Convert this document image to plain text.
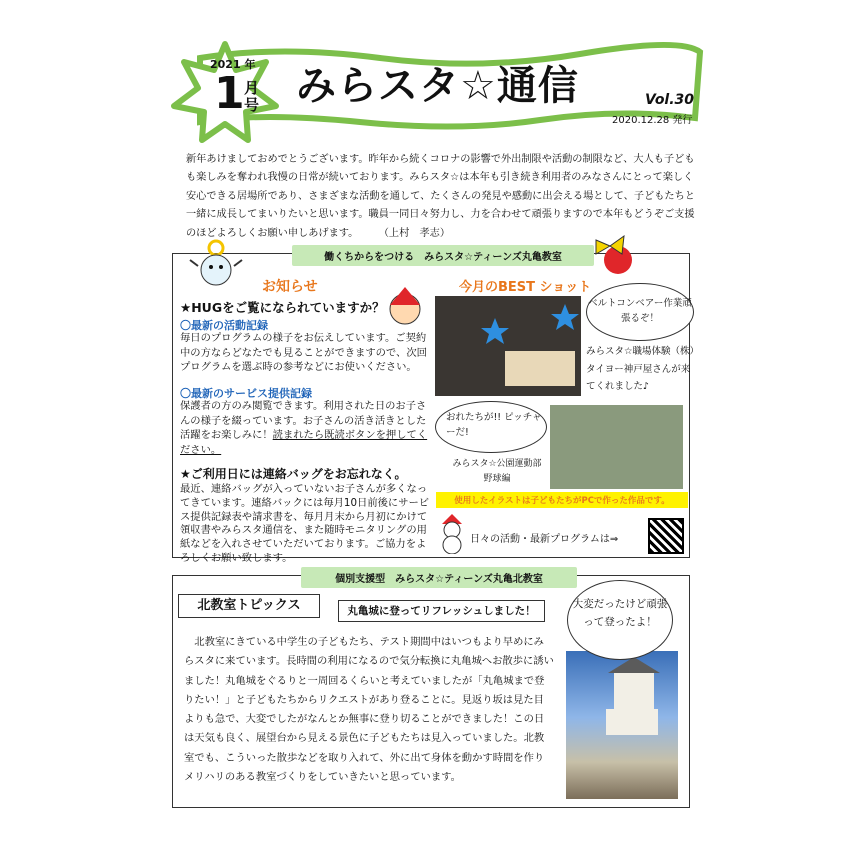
2021 年
1 月号 みらスタ☆通信	Vol.30
2020.12.28 発行
新年あけましておめでとうございます。昨年から続くコロナの影響で外出制限や活動の制限など、大人も子どもも楽しみを奪われ我慢の日常が続いております。みらスタ☆は本年も引き続き利用者のみなさんにとって楽しく安心できる居場所であり、さまざまな活動を通して、たくさんの発見や感動に出会える場として、子どもたちと一緒に成長してまいりたいと思います。職員一同日々努力し、力を合わせて頑張りますので本年もどうぞご支援のほどよろしくお願い申しあげます。　　　（上村　孝志）
働くちからをつける　みらスタ☆ティーンズ丸亀教室
お知らせ
★HUGをご覧になられていますか？
〇最新の活動記録
毎日のプログラムの様子をお伝えしています。ご契約中の方ならどなたでも見ることができますので、次回プログラムを選ぶ時の参考などにお使いください。
〇最新のサービス提供記録
保護者の方のみ閲覧できます。利用された日のお子さんの様子を綴っています。お子さんの活き活きとした活躍をお楽しみに！読まれたら既読ボタンを押してください。
★ご利用日には連絡バッグをお忘れなく。
最近、連絡バッグが入っていないお子さんが多くなってきています。連絡バックには毎月10日前後にサービス提供記録表や請求書を、毎月月末から月初にかけて領収書やみらスタ通信を、また随時モニタリングの用紙などを入れさせていただいております。ご協力をよろしくお願い致します。
今月のBEST ショット
ベルトコンベアー作業頑張るぞ！
みらスタ☆職場体験（株）タイヨー神戸屋さんが来てくれました♪
おれたちが!! ピッチャーだ!
みらスタ☆公園運動部 野球編
使用したイラストは子どもたちがPCで作った作品です。
日々の活動・最新プログラムは⇒
個別支援型　みらスタ☆ティーンズ丸亀北教室
北教室トピックス	丸亀城に登ってリフレッシュしました！
　北教室にきている中学生の子どもたち、テスト期間中はいつもより早めにみらスタに来ています。長時間の利用になるので気分転換に丸亀城へお散歩に誘いました！丸亀城をぐるりと一周回るくらいと考えていましたが「丸亀城まで登りたい！」と子どもたちからリクエストがあり登ることに。見返り坂は見た目よりも急で、大変でしたがなんとか無事に登り切ることができました！この日は天気も良く、展望台から見える景色に子どもたちは見入っていました。北教室でも、こういった散歩などを取り入れて、外に出て身体を動かす時間を作りメリハリのある教室づくりをしていきたいと思っています。
大変だったけど頑張って登ったよ！
